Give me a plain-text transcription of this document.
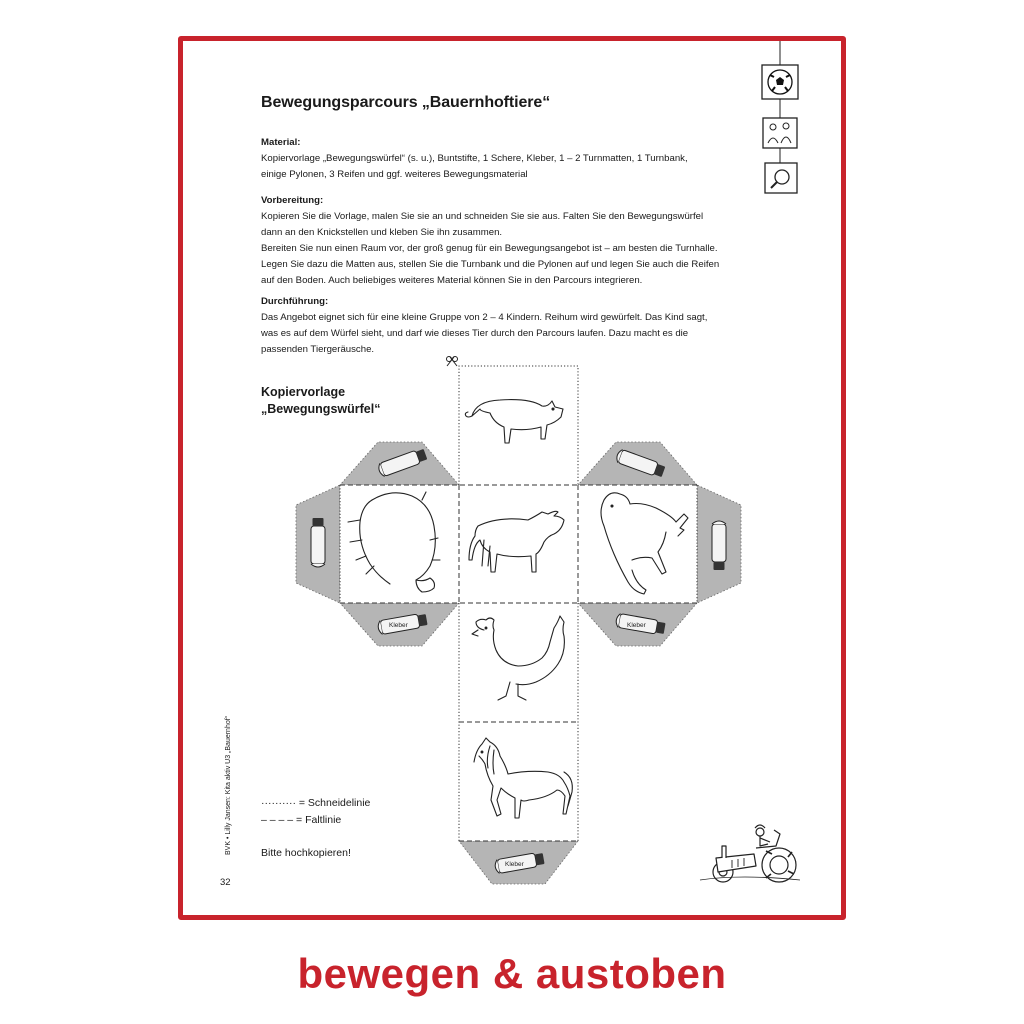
Bewegungsparcours „Bauernhoftiere“

Material:

Kopiervorlage „Bewegungswürfel“ (s. u.), Buntstifte, 1 Schere, Kleber, 1 – 2 Turnmatten, 1 Turnbank,

einige Pylonen, 3 Reifen und ggf. weiteres Bewegungsmaterial

Vorbereitung:

Kopieren Sie die Vorlage, malen Sie sie an und schneiden Sie sie aus. Falten Sie den Bewegungswürfel

dann an den Knickstellen und kleben Sie ihn zusammen.

Bereiten Sie nun einen Raum vor, der groß genug für ein Bewegungsangebot ist – am besten die Turnhalle.

Legen Sie dazu die Matten aus, stellen Sie die Turnbank und die Pylonen auf und legen Sie auch die Reifen

auf den Boden. Auch beliebiges weiteres Material können Sie in den Parcours integrieren.

Durchführung:

Das Angebot eignet sich für eine kleine Gruppe von 2 – 4 Kindern. Reihum wird gewürfelt. Das Kind sagt,

was es auf dem Würfel sieht, und darf wie dieses Tier durch den Parcours laufen. Dazu macht es die

passenden Tiergeräusche.

Kopiervorlage
„Bewegungswürfel“
·········· = Schneidelinie
– – – – = Faltlinie
Bitte hochkopieren!
32
BVK • Lilly Jansen: Kita aktiv U3 „Bauernhof“
bewegen & austoben
Kleber	Kleber
Kleber
